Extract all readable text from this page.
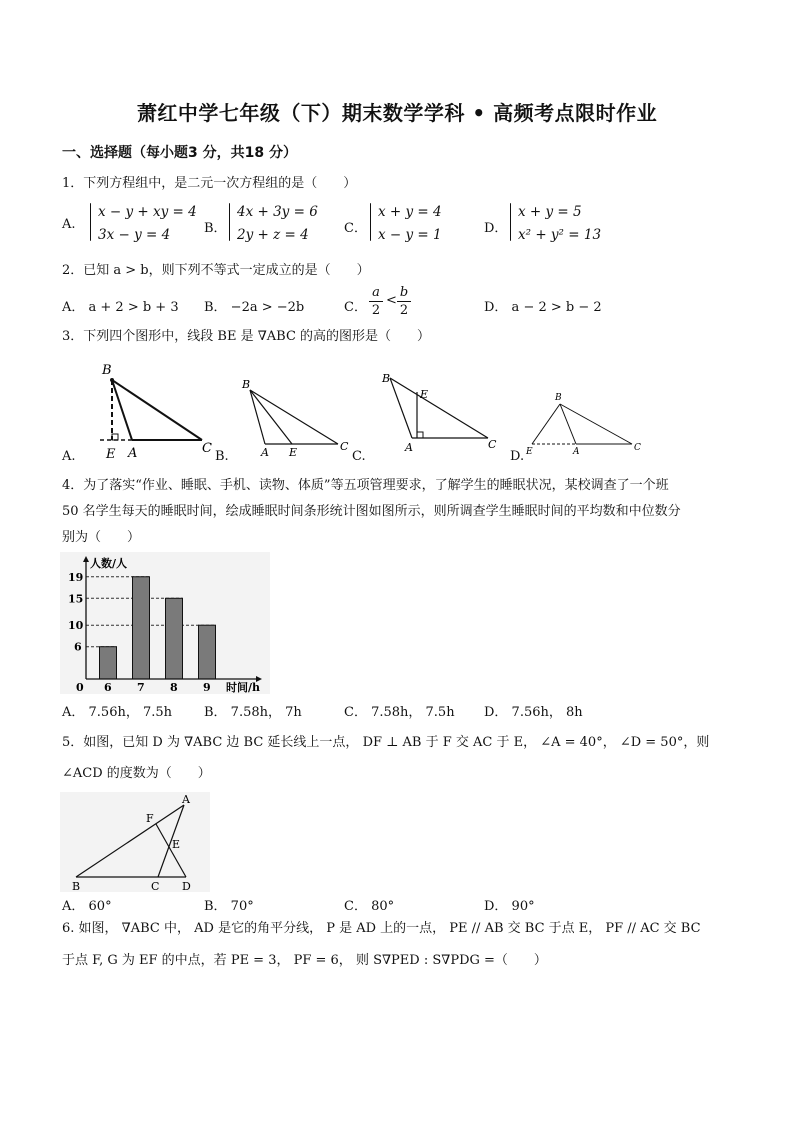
萧红中学七年级（下）期末数学学科 • 高频考点限时作业
一、选择题（每小题3 分，共18 分）
1．下列方程组中，是二元一次方程组的是（　　）
A.
x − y + xy = 4
3x − y = 4	B．
4x + 3y = 6
2y + z = 4	C．
x + y = 4
x − y = 1	D．
x + y = 5
x² + y² = 13
2．已知 a > b，则下列不等式一定成立的是（　　）
A． a + 2 > b + 3 B． −2a > −2b	C．
a
2
<
b
2	D． a − 2 > b − 2
3．下列四个图形中，线段 BE 是 ∇ABC 的高的图形是（　　）
B
E A	C
B
A E	C
B
E
A	C
B
E	A	C
A.	B.	C.	D.
4．为了落实“作业、睡眠、手机、读物、体质”等五项管理要求，了解学生的睡眠状况，某校调查了一个班
50 名学生每天的睡眠时间，绘成睡眠时间条形统计图如图所示，则所调查学生睡眠时间的平均数和中位数分
别为（　　）
6 7 8 9
6
10
15
19
人数/人
时间/h
0
A． 7.56h， 7.5h B． 7.58h， 7h	C． 7.58h， 7.5h D． 7.56h， 8h
5．如图，已知 D 为 ∇ABC 边 BC 延长线上一点， DF ⊥ AB 于 F 交 AC 于 E， ∠A = 40°， ∠D = 50°，则
∠ACD 的度数为（　　）
A
F
E
B	C D
A． 60°	B． 70°	C． 80°	D． 90°
6. 如图， ∇ABC 中， AD 是它的角平分线， P 是 AD 上的一点， PE // AB 交 BC 于点 E， PF // AC 交 BC
于点 F, G 为 EF 的中点，若 PE = 3， PF = 6， 则 S∇PED : S∇PDG =（　　）
